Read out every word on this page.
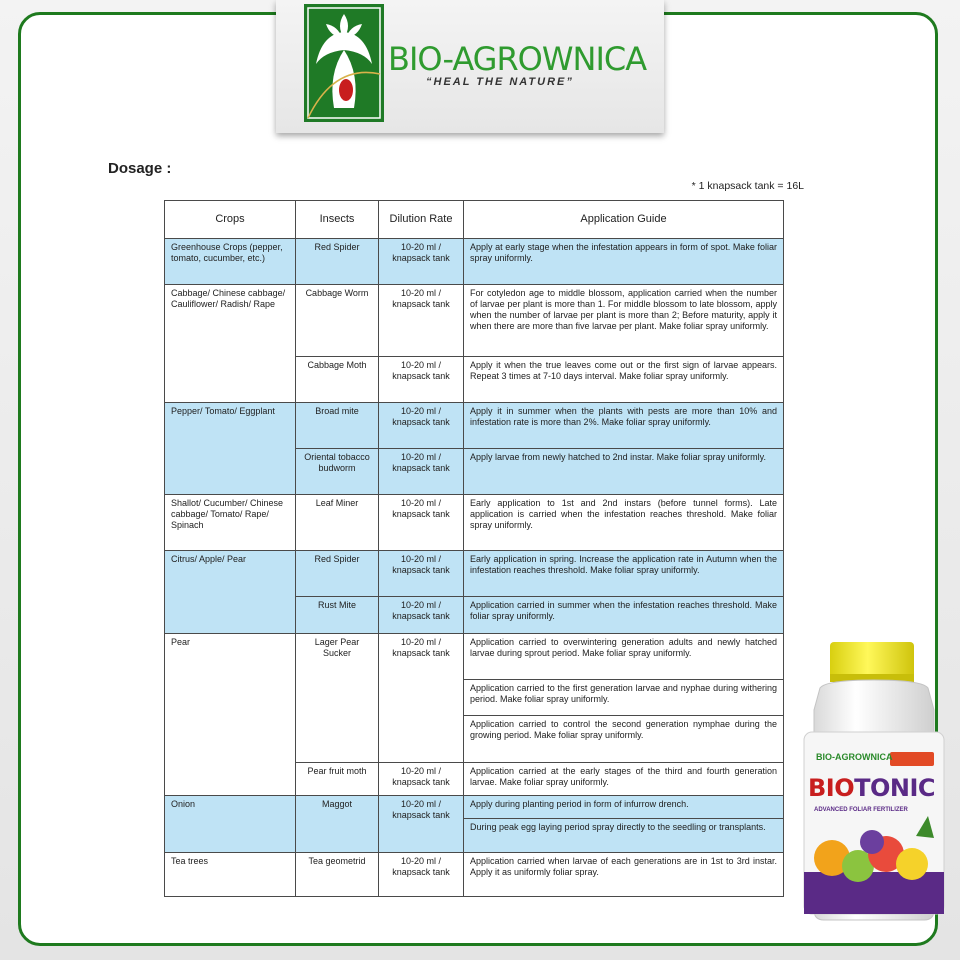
BIO-AGROWNICA
“HEAL THE NATURE”
Dosage :
* 1 knapsack tank = 16L
Crops	Insects	Dilution Rate	Application Guide
Greenhouse Crops (pepper, tomato, cucumber, etc.)	Red Spider	10-20 ml / knapsack tank	Apply at early stage when the infestation appears in form of spot. Make foliar spray uniformly.
Cabbage/ Chinese cabbage/ Cauliflower/ Radish/ Rape	Cabbage Worm	10-20 ml / knapsack tank	For cotyledon age to middle blossom, application carried when the number of larvae per plant is more than 1. For middle blossom to late blossom, apply when the number of larvae per plant is more than 2; Before maturity, apply it when there are more than five larvae per plant. Make foliar spray uniformly.
	Cabbage Moth	10-20 ml / knapsack tank	Apply it when the true leaves come out or the first sign of larvae appears. Repeat 3 times at 7-10 days interval. Make foliar spray uniformly.
Pepper/ Tomato/ Eggplant	Broad mite	10-20 ml / knapsack tank	Apply it in summer when the plants with pests are more than 10% and infestation rate is more than 2%. Make foliar spray uniformly.
	Oriental tobacco budworm	10-20 ml / knapsack tank	Apply larvae from newly hatched to 2nd instar. Make foliar spray uniformly.
Shallot/ Cucumber/ Chinese cabbage/ Tomato/ Rape/ Spinach	Leaf Miner	10-20 ml / knapsack tank	Early application to 1st and 2nd instars (before tunnel forms). Late application is carried when the infestation reaches threshold. Make foliar spray uniformly.
Citrus/ Apple/ Pear	Red Spider	10-20 ml / knapsack tank	Early application in spring. Increase the application rate in Autumn when the infestation reaches threshold. Make foliar spray uniformly.
	Rust Mite	10-20 ml / knapsack tank	Application carried in summer when the infestation reaches threshold. Make foliar spray uniformly.
Pear	Lager Pear Sucker	10-20 ml / knapsack tank	Application carried to overwintering generation adults and newly hatched larvae during sprout period. Make foliar spray uniformly.
			Application carried to the first generation larvae and nyphae during withering period. Make foliar spray uniformly.
			Application carried to control the second generation nymphae during the growing period. Make foliar spray uniformly.
	Pear fruit moth	10-20 ml / knapsack tank	Application carried at the early stages of the third and fourth generation larvae. Make foliar spray uniformly.
Onion	Maggot	10-20 ml / knapsack tank	Apply during planting period in form of infurrow drench.
			During peak egg laying period spray directly to the seedling or transplants.
Tea trees	Tea geometrid	10-20 ml / knapsack tank	Application carried when larvae of each generations are in 1st to 3rd instar. Apply it as uniformly foliar spray.
BIO-AGROWNICA
BIOTONIC
ADVANCED FOLIAR FERTILIZER
